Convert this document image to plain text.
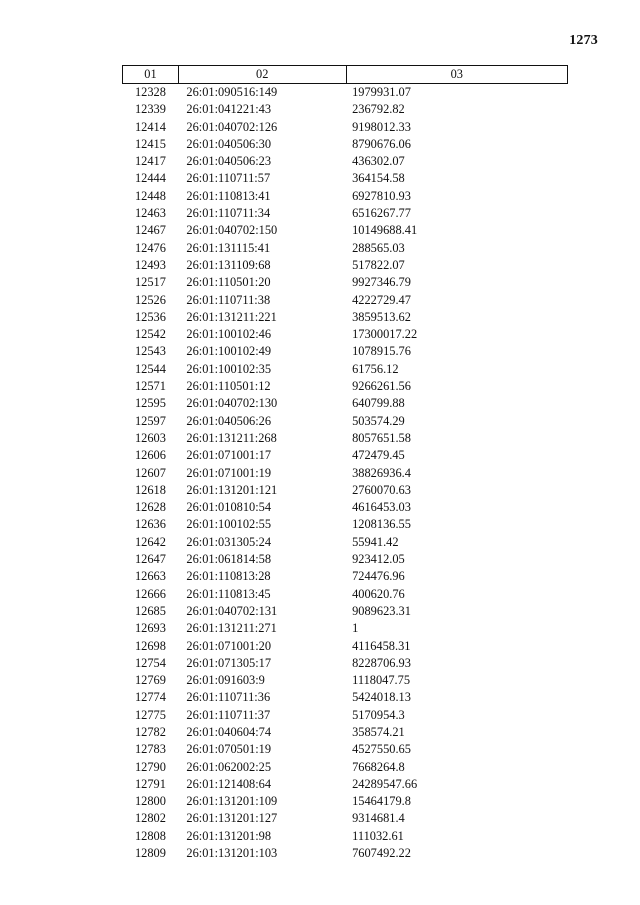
1273
01	02	03
12328	26:01:090516:149	1979931.07
12339	26:01:041221:43	236792.82
12414	26:01:040702:126	9198012.33
12415	26:01:040506:30	8790676.06
12417	26:01:040506:23	436302.07
12444	26:01:110711:57	364154.58
12448	26:01:110813:41	6927810.93
12463	26:01:110711:34	6516267.77
12467	26:01:040702:150	10149688.41
12476	26:01:131115:41	288565.03
12493	26:01:131109:68	517822.07
12517	26:01:110501:20	9927346.79
12526	26:01:110711:38	4222729.47
12536	26:01:131211:221	3859513.62
12542	26:01:100102:46	17300017.22
12543	26:01:100102:49	1078915.76
12544	26:01:100102:35	61756.12
12571	26:01:110501:12	9266261.56
12595	26:01:040702:130	640799.88
12597	26:01:040506:26	503574.29
12603	26:01:131211:268	8057651.58
12606	26:01:071001:17	472479.45
12607	26:01:071001:19	38826936.4
12618	26:01:131201:121	2760070.63
12628	26:01:010810:54	4616453.03
12636	26:01:100102:55	1208136.55
12642	26:01:031305:24	55941.42
12647	26:01:061814:58	923412.05
12663	26:01:110813:28	724476.96
12666	26:01:110813:45	400620.76
12685	26:01:040702:131	9089623.31
12693	26:01:131211:271	1
12698	26:01:071001:20	4116458.31
12754	26:01:071305:17	8228706.93
12769	26:01:091603:9	1118047.75
12774	26:01:110711:36	5424018.13
12775	26:01:110711:37	5170954.3
12782	26:01:040604:74	358574.21
12783	26:01:070501:19	4527550.65
12790	26:01:062002:25	7668264.8
12791	26:01:121408:64	24289547.66
12800	26:01:131201:109	15464179.8
12802	26:01:131201:127	9314681.4
12808	26:01:131201:98	111032.61
12809	26:01:131201:103	7607492.22
